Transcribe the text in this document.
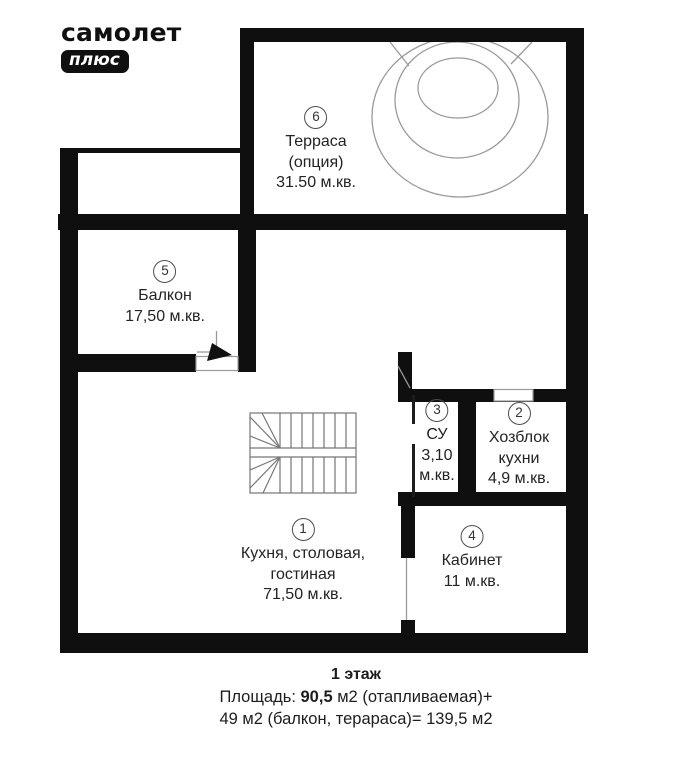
самолет
плюс
6
Терраса
(опция)
31.50 м.кв.
5
Балкон
17,50 м.кв.
3
СУ
3,10
м.кв.
2
Хозблок
кухни
4,9 м.кв.
1
Кухня, столовая,
гостиная
71,50 м.кв.
4
Кабинет
11 м.кв.
1 этаж
Площадь: 90,5 м2 (отапливаемая)+
49 м2 (балкон, терараса)= 139,5 м2
